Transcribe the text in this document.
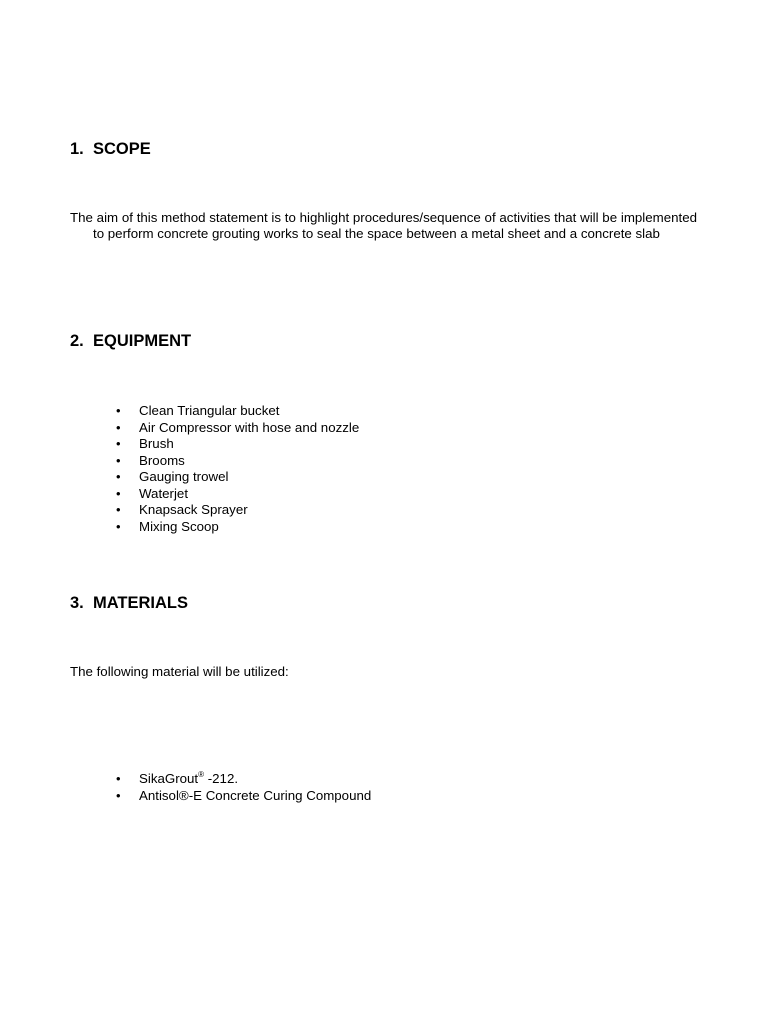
1. SCOPE

The aim of this method statement is to highlight procedures/sequence of activities that will be implemented to perform concrete grouting works to seal the space between a metal sheet and a concrete slab

2. EQUIPMENT
• Clean Triangular bucket
• Air Compressor with hose and nozzle
• Brush
• Brooms
• Gauging trowel
• Waterjet
• Knapsack Sprayer
• Mixing Scoop
3. MATERIALS

The following material will be utilized:

• SikaGrout® -212.
• Antisol®-E Concrete Curing Compound
